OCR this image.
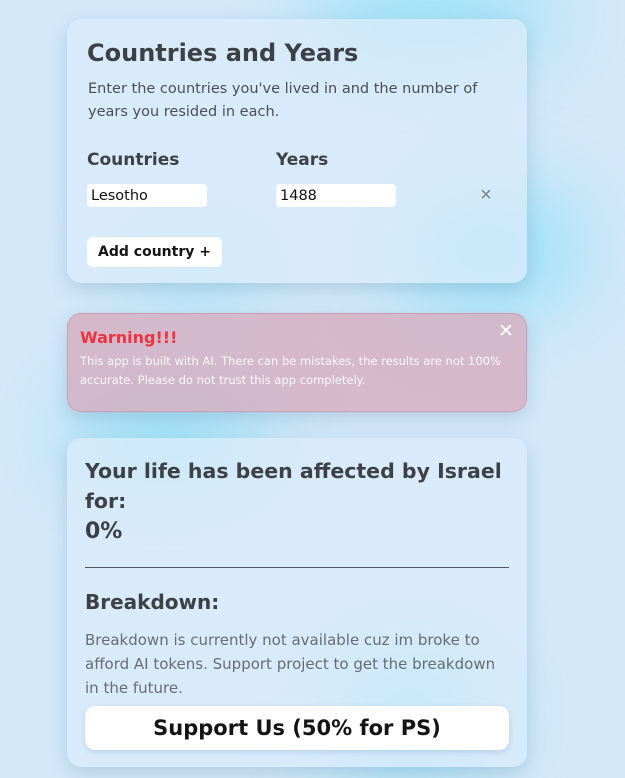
Countries and Years

Enter the countries you've lived in and the number of years you resided in each.

Countries	Years
Lesotho
1488
×
Add country +
Warning!!!
This app is built with AI. There can be mistakes, the results are not 100% accurate. Please do not trust this app completely.
✕
Your life has been affected by Israel for:
0%
Breakdown:
Breakdown is currently not available cuz im broke to afford AI tokens. Support project to get the breakdown in the future.
Support Us (50% for PS)
